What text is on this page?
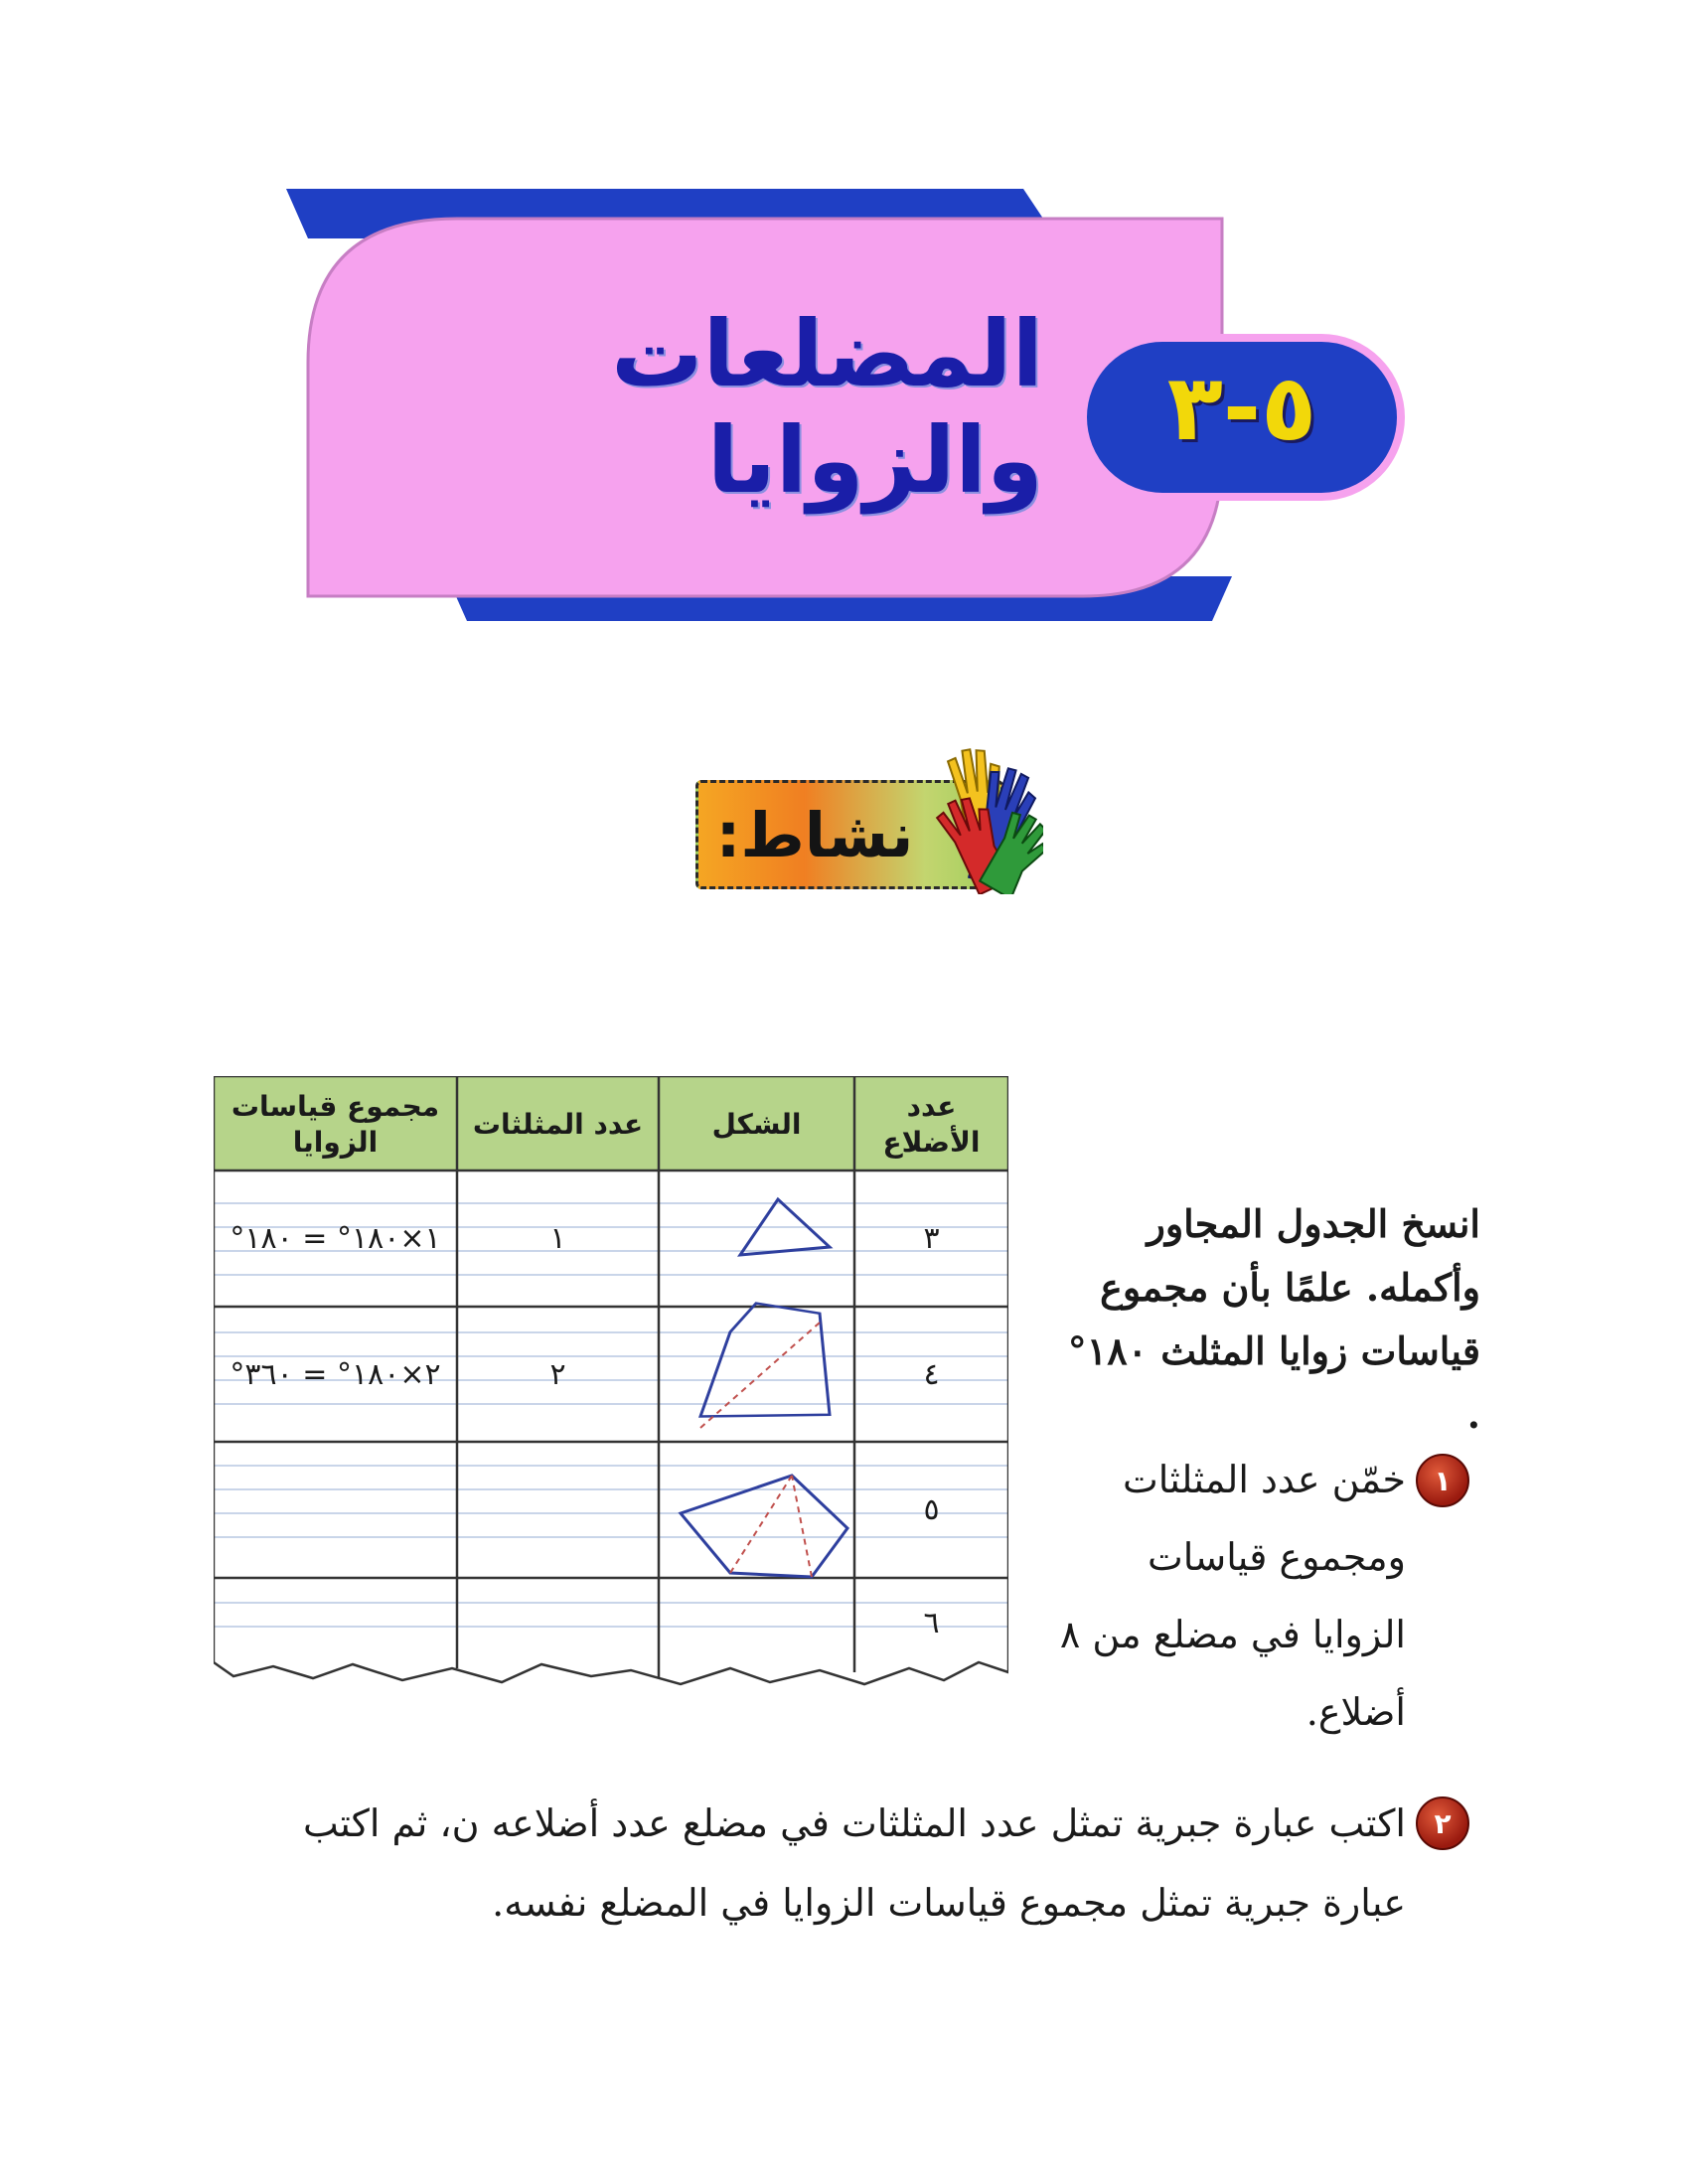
المضلعات والزوايا	٥-٣
نشاط:
عدد الأضلاع
الشكل
عدد المثلثات
مجموع قياسات الزوايا
٣
١
١×١٨٠° = ١٨٠°
٤
٢
٢×١٨٠° = ٣٦٠°
٥
٦
انسخ الجدول المجاور وأكمله. علمًا بأن مجموع قياسات زوايا المثلث ١٨٠° .
١
خمّن عدد المثلثات ومجموع قياسات الزوايا في مضلع من ٨ أضلاع.
٢
اكتب عبارة جبرية تمثل عدد المثلثات في مضلع عدد أضلاعه ن، ثم اكتب عبارة جبرية تمثل مجموع قياسات الزوايا في المضلع نفسه.
